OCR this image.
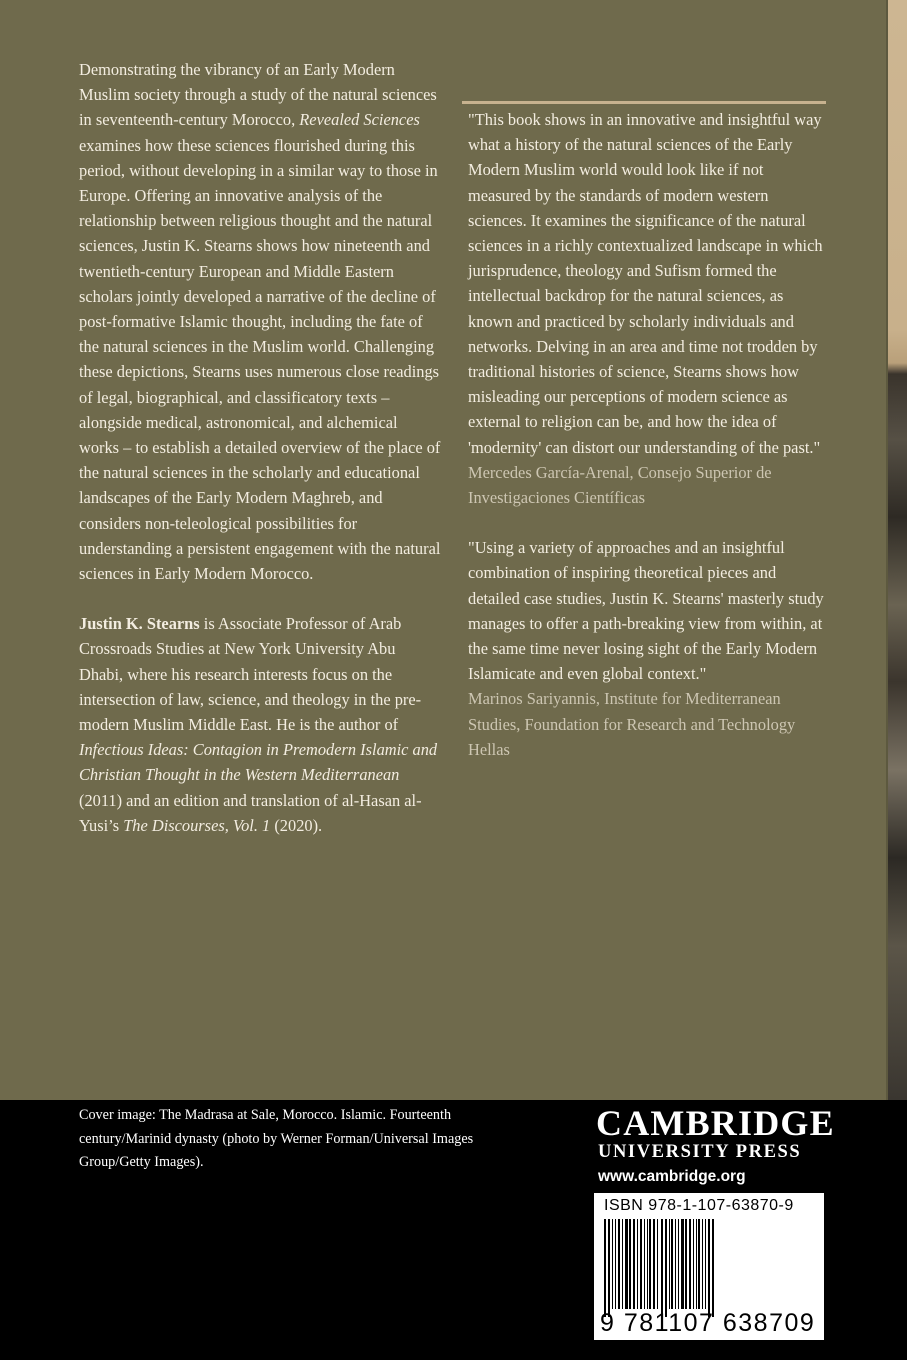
Demonstrating the vibrancy of an Early Modern Muslim society through a study of the natural sciences in seventeenth-century Morocco, Revealed Sciences examines how these sciences flourished during this period, without developing in a similar way to those in Europe. Offering an innovative analysis of the relationship between religious thought and the natural sciences, Justin K. Stearns shows how nineteenth and twentieth-century European and Middle Eastern scholars jointly developed a narrative of the decline of post-formative Islamic thought, including the fate of the natural sciences in the Muslim world. Challenging these depictions, Stearns uses numerous close readings of legal, biographical, and classificatory texts – alongside medical, astronomical, and alchemical works – to establish a detailed overview of the place of the natural sciences in the scholarly and educational landscapes of the Early Modern Maghreb, and considers non-teleological possibilities for understanding a persistent engagement with the natural sciences in Early Modern Morocco.

Justin K. Stearns is Associate Professor of Arab Crossroads Studies at New York University Abu Dhabi, where his research interests focus on the intersection of law, science, and theology in the pre-modern Muslim Middle East. He is the author of Infectious Ideas: Contagion in Premodern Islamic and Christian Thought in the Western Mediterranean (2011) and an edition and translation of al-Hasan al-Yusi’s The Discourses, Vol. 1 (2020).

"This book shows in an innovative and insightful way what a history of the natural sciences of the Early Modern Muslim world would look like if not measured by the standards of modern western sciences. It examines the significance of the natural sciences in a richly contextualized landscape in which jurisprudence, theology and Sufism formed the intellectual backdrop for the natural sciences, as known and practiced by scholarly individuals and networks. Delving in an area and time not trodden by traditional histories of science, Stearns shows how misleading our perceptions of modern science as external to religion can be, and how the idea of 'modernity' can distort our understanding of the past."

Mercedes García-Arenal, Consejo Superior de Investigaciones Científicas

"Using a variety of approaches and an insightful combination of inspiring theoretical pieces and detailed case studies, Justin K. Stearns' masterly study manages to offer a path-breaking view from within, at the same time never losing sight of the Early Modern Islamicate and even global context."

Marinos Sariyannis, Institute for Mediterranean Studies, Foundation for Research and Technology Hellas

Cover image: The Madrasa at Sale, Morocco. Islamic. Fourteenth century/Marinid dynasty (photo by Werner Forman/Universal Images Group/Getty Images).
CAMBRIDGE
UNIVERSITY PRESS
www.cambridge.org
ISBN 978-1-107-63870-9
9 781107 638709 >
